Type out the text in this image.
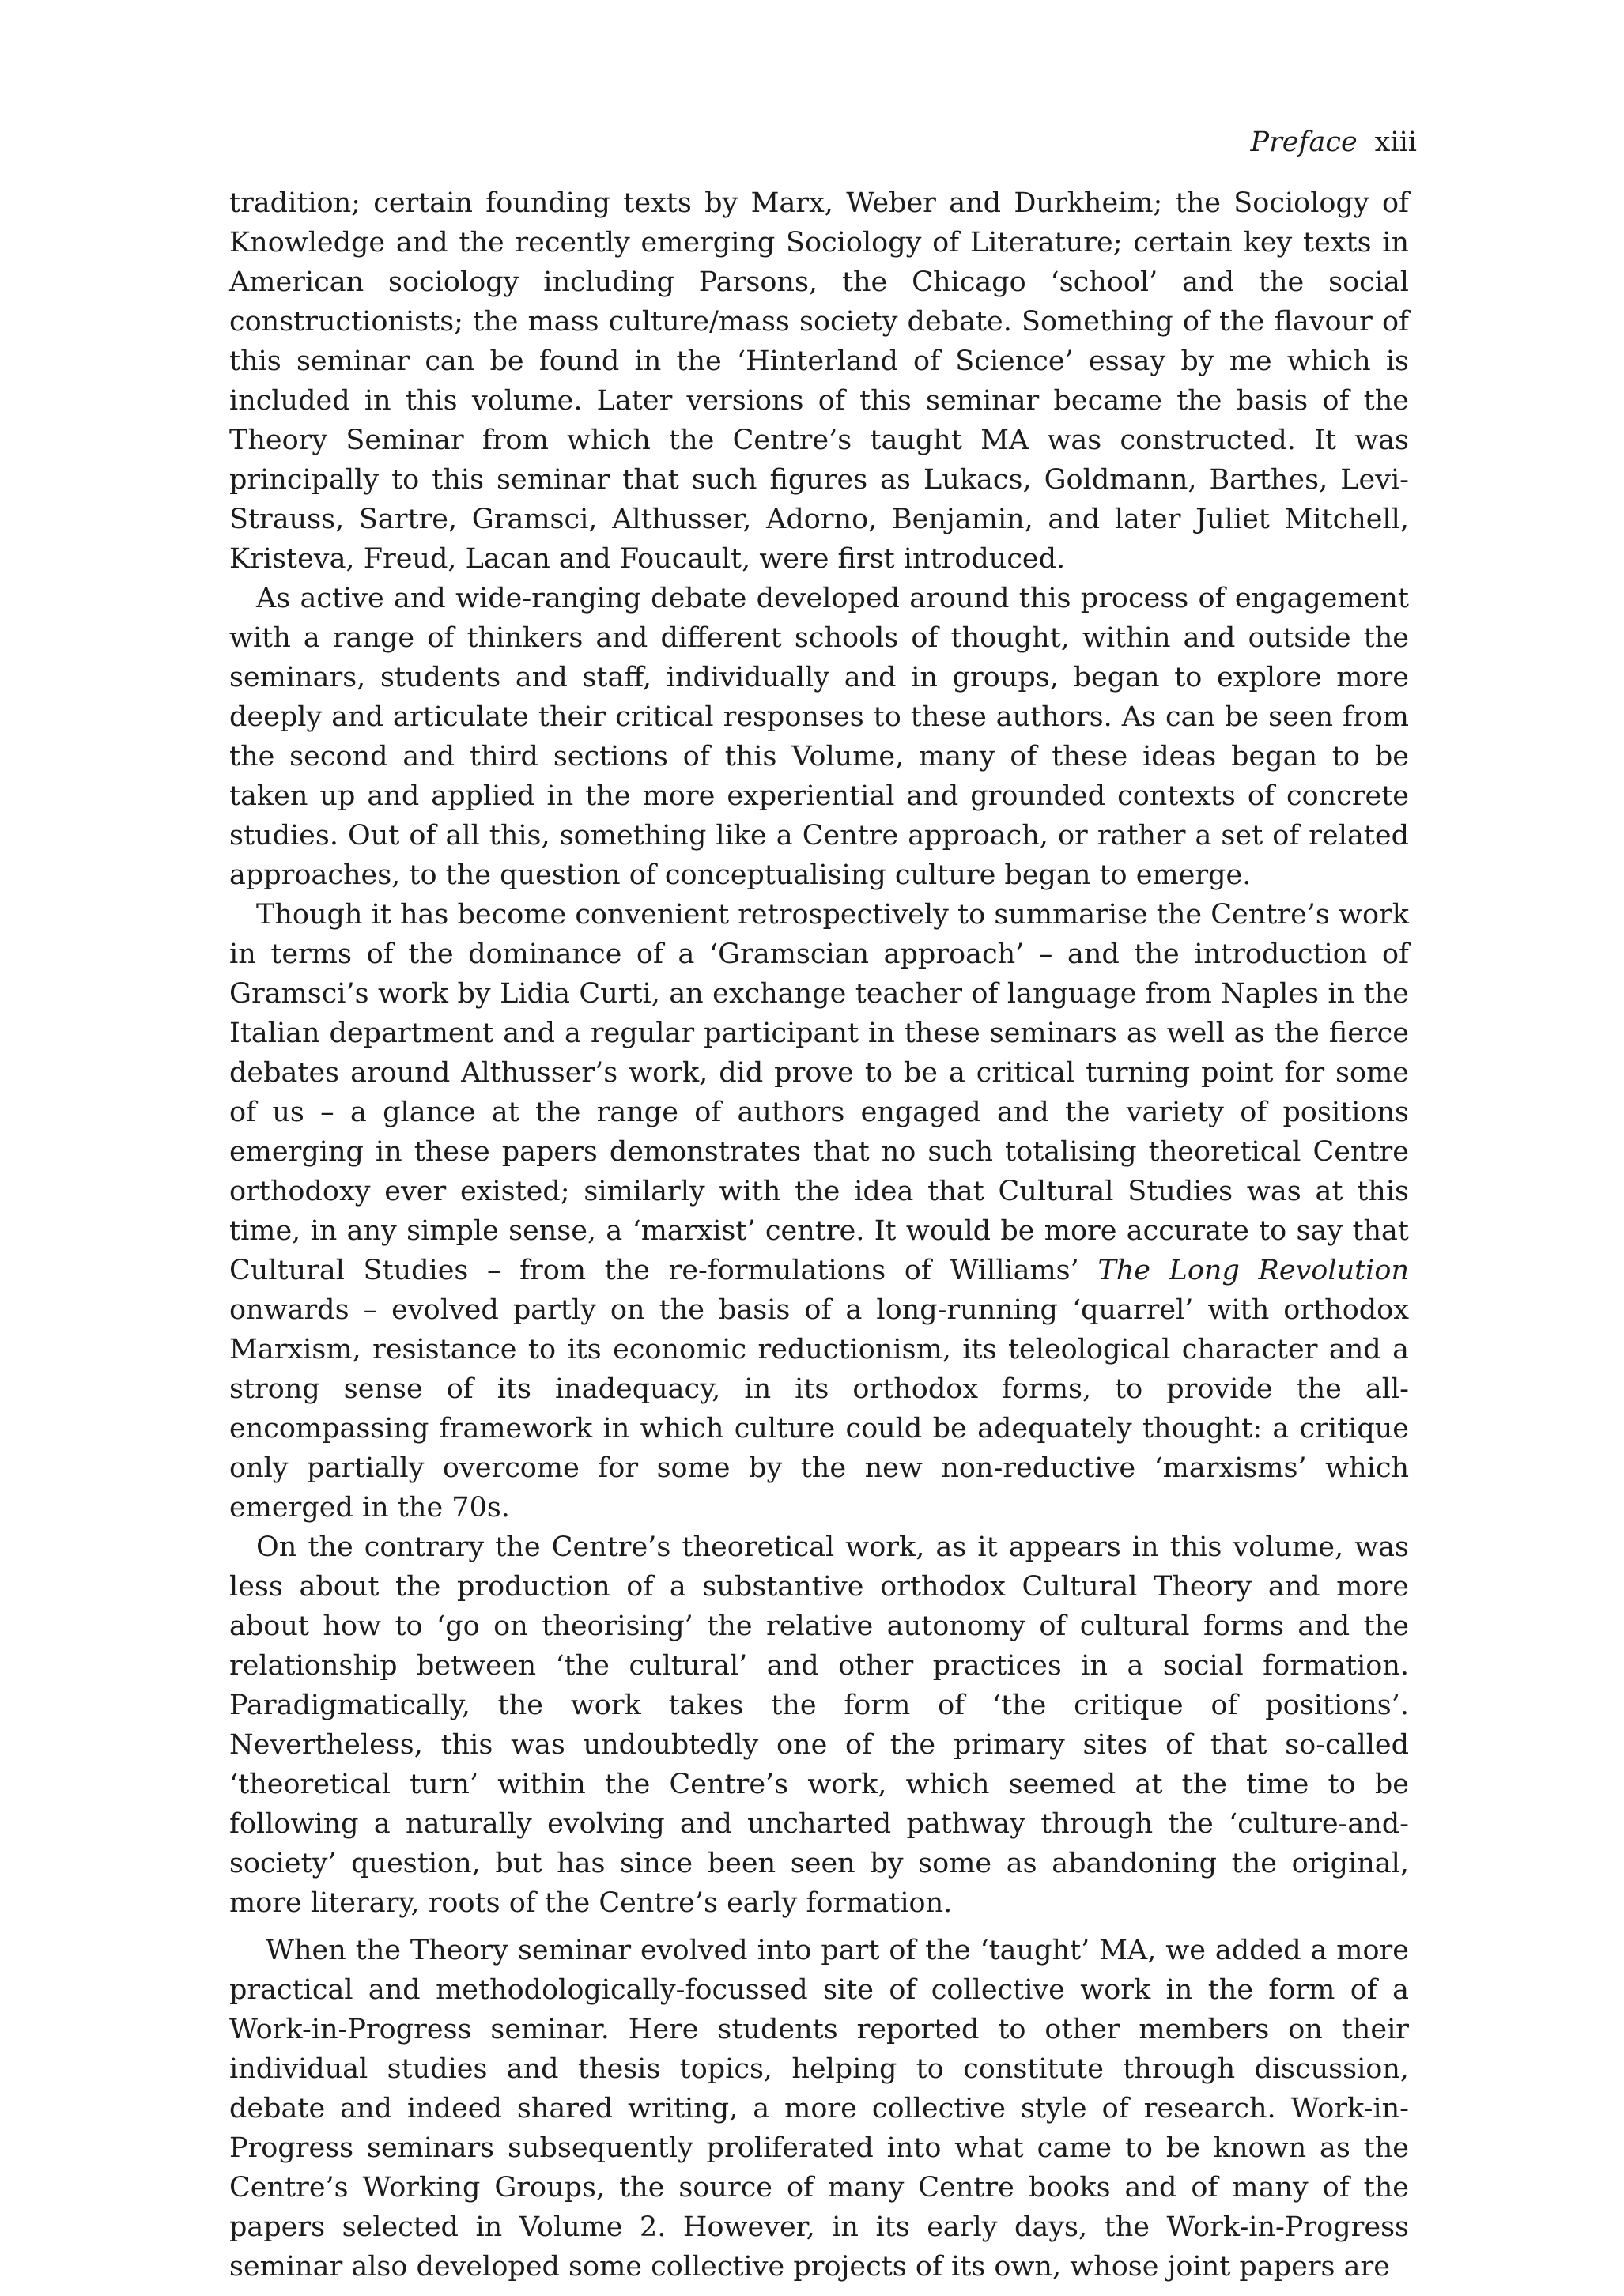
Preface xiii

tradition; certain founding texts by Marx, Weber and Durkheim; the Sociology of Knowledge and the recently emerging Sociology of Literature; certain key texts in American sociology including Parsons, the Chicago ‘school’ and the social constructionists; the mass culture/mass society debate. Something of the flavour of this seminar can be found in the ‘Hinterland of Science’ essay by me which is included in this volume. Later versions of this seminar became the basis of the Theory Seminar from which the Centre’s taught MA was constructed. It was principally to this seminar that such figures as Lukacs, Goldmann, Barthes, Levi-Strauss, Sartre, Gramsci, Althusser, Adorno, Benjamin, and later Juliet Mitchell, Kristeva, Freud, Lacan and Foucault, were first introduced.

As active and wide-ranging debate developed around this process of engagement with a range of thinkers and different schools of thought, within and outside the seminars, students and staff, individually and in groups, began to explore more deeply and articulate their critical responses to these authors. As can be seen from the second and third sections of this Volume, many of these ideas began to be taken up and applied in the more experiential and grounded contexts of concrete studies. Out of all this, something like a Centre approach, or rather a set of related approaches, to the question of conceptualising culture began to emerge.

Though it has become convenient retrospectively to summarise the Centre’s work in terms of the dominance of a ‘Gramscian approach’ – and the introduction of Gramsci’s work by Lidia Curti, an exchange teacher of language from Naples in the Italian department and a regular participant in these seminars as well as the fierce debates around Althusser’s work, did prove to be a critical turning point for some of us – a glance at the range of authors engaged and the variety of positions emerging in these papers demonstrates that no such totalising theoretical Centre orthodoxy ever existed; similarly with the idea that Cultural Studies was at this time, in any simple sense, a ‘marxist’ centre. It would be more accurate to say that Cultural Studies – from the re-formulations of Williams’ The Long Revolution onwards – evolved partly on the basis of a long-running ‘quarrel’ with orthodox Marxism, resistance to its economic reductionism, its teleological character and a strong sense of its inadequacy, in its orthodox forms, to provide the all-encompassing framework in which culture could be adequately thought: a critique only partially overcome for some by the new non-reductive ‘marxisms’ which emerged in the 70s.

On the contrary the Centre’s theoretical work, as it appears in this volume, was less about the production of a substantive orthodox Cultural Theory and more about how to ‘go on theorising’ the relative autonomy of cultural forms and the relationship between ‘the cultural’ and other practices in a social formation. Paradigmatically, the work takes the form of ‘the critique of positions’. Nevertheless, this was undoubtedly one of the primary sites of that so-called ‘theoretical turn’ within the Centre’s work, which seemed at the time to be following a naturally evolving and uncharted pathway through the ‘culture-and-society’ question, but has since been seen by some as abandoning the original, more literary, roots of the Centre’s early formation.

When the Theory seminar evolved into part of the ‘taught’ MA, we added a more practical and methodologically-focussed site of collective work in the form of a Work-in-Progress seminar. Here students reported to other members on their individual studies and thesis topics, helping to constitute through discussion, debate and indeed shared writing, a more collective style of research. Work-in-Progress seminars subsequently proliferated into what came to be known as the Centre’s Working Groups, the source of many Centre books and of many of the papers selected in Volume 2. However, in its early days, the Work-in-Progress seminar also developed some collective projects of its own, whose joint papers are
